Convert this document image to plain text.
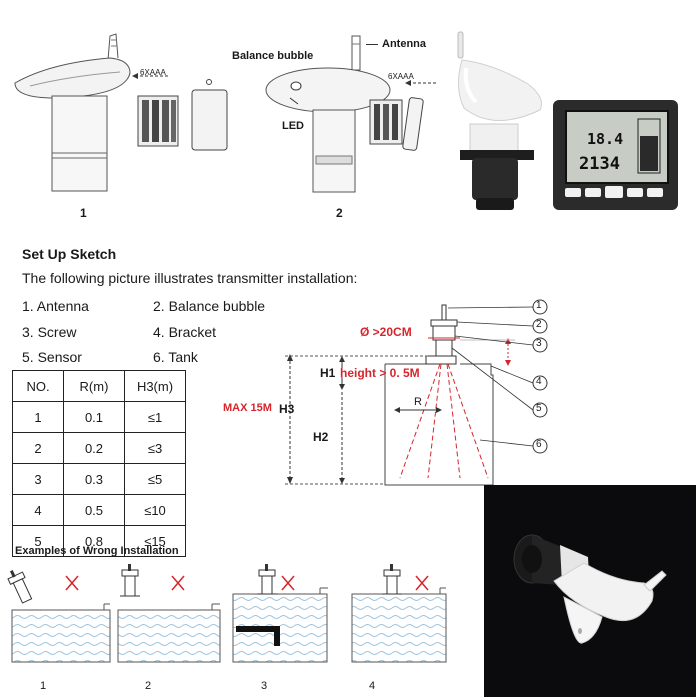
6XAAA
1
Balance bubble
Antenna
LED
6XAAA
2
18.4
2134
Set Up Sketch
The following picture illustrates transmitter installation:
1. Antenna	2. Balance bubble
3. Screw	4. Bracket
5. Sensor	6. Tank
NO.	R(m)	H3(m)
1	0.1	≤1
2	0.2	≤3
3	0.3	≤5
4	0.5	≤10
5	0.8	≤15
1
2
3
4
5
6
Ø >20CM
H1 height > 0. 5M
MAX 15M H3
H2
R
Examples of Wrong Installation
1	2	3	4
